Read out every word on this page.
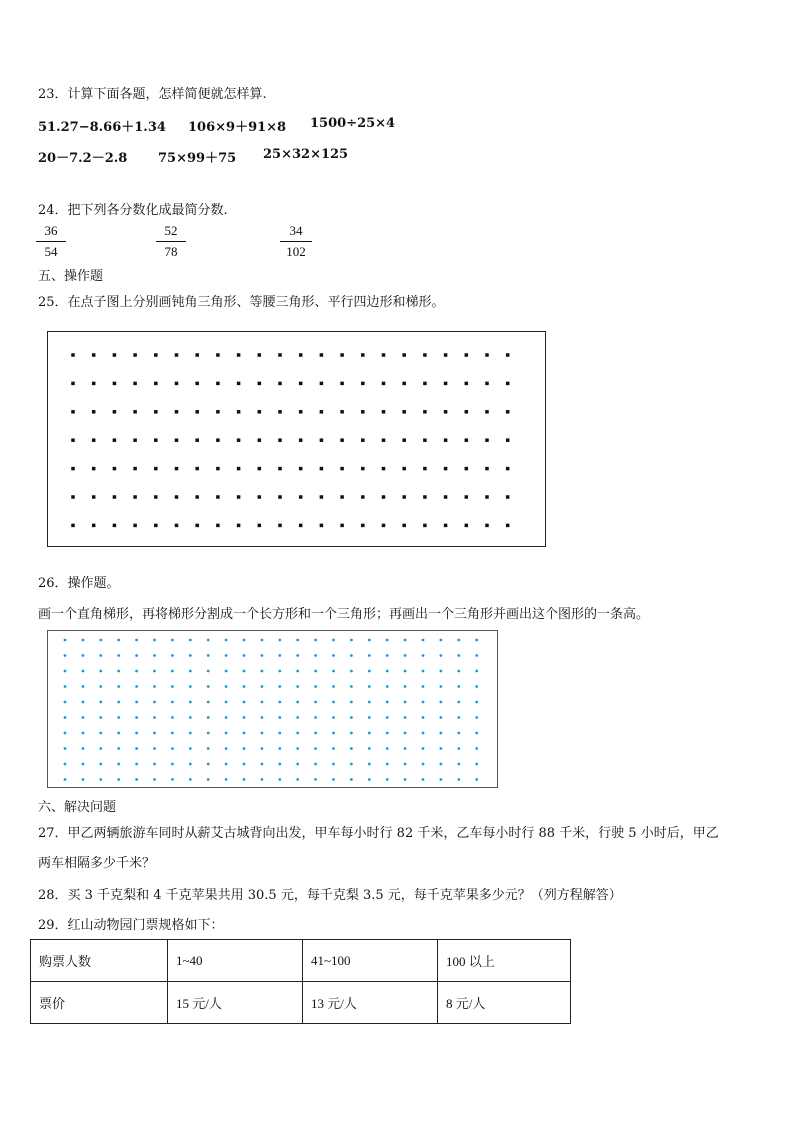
23．计算下面各题，怎样简便就怎样算.
51.27−8.66＋1.34 106×9＋91×8 1500÷25×4
20－7.2－2.8 75×99＋75 25×32×125
24．把下列各分数化成最简分数.
36
54
52
78
34
102
五、操作题
25．在点子图上分别画钝角三角形、等腰三角形、平行四边形和梯形。
26．操作题。
画一个直角梯形，再将梯形分割成一个长方形和一个三角形；再画出一个三角形并画出这个图形的一条高。
六、解决问题
27．甲乙两辆旅游车同时从薪艾古城背向出发，甲车每小时行 82 千米，乙车每小时行 88 千米，行驶 5 小时后，甲乙
两车相隔多少千米？
28．买 3 千克梨和 4 千克苹果共用 30.5 元，每千克梨 3.5 元，每千克苹果多少元？（列方程解答）
29．红山动物园门票规格如下：
购票人数	1~40	41~100	100 以上
票价	15 元/人	13 元/人	8 元/人
